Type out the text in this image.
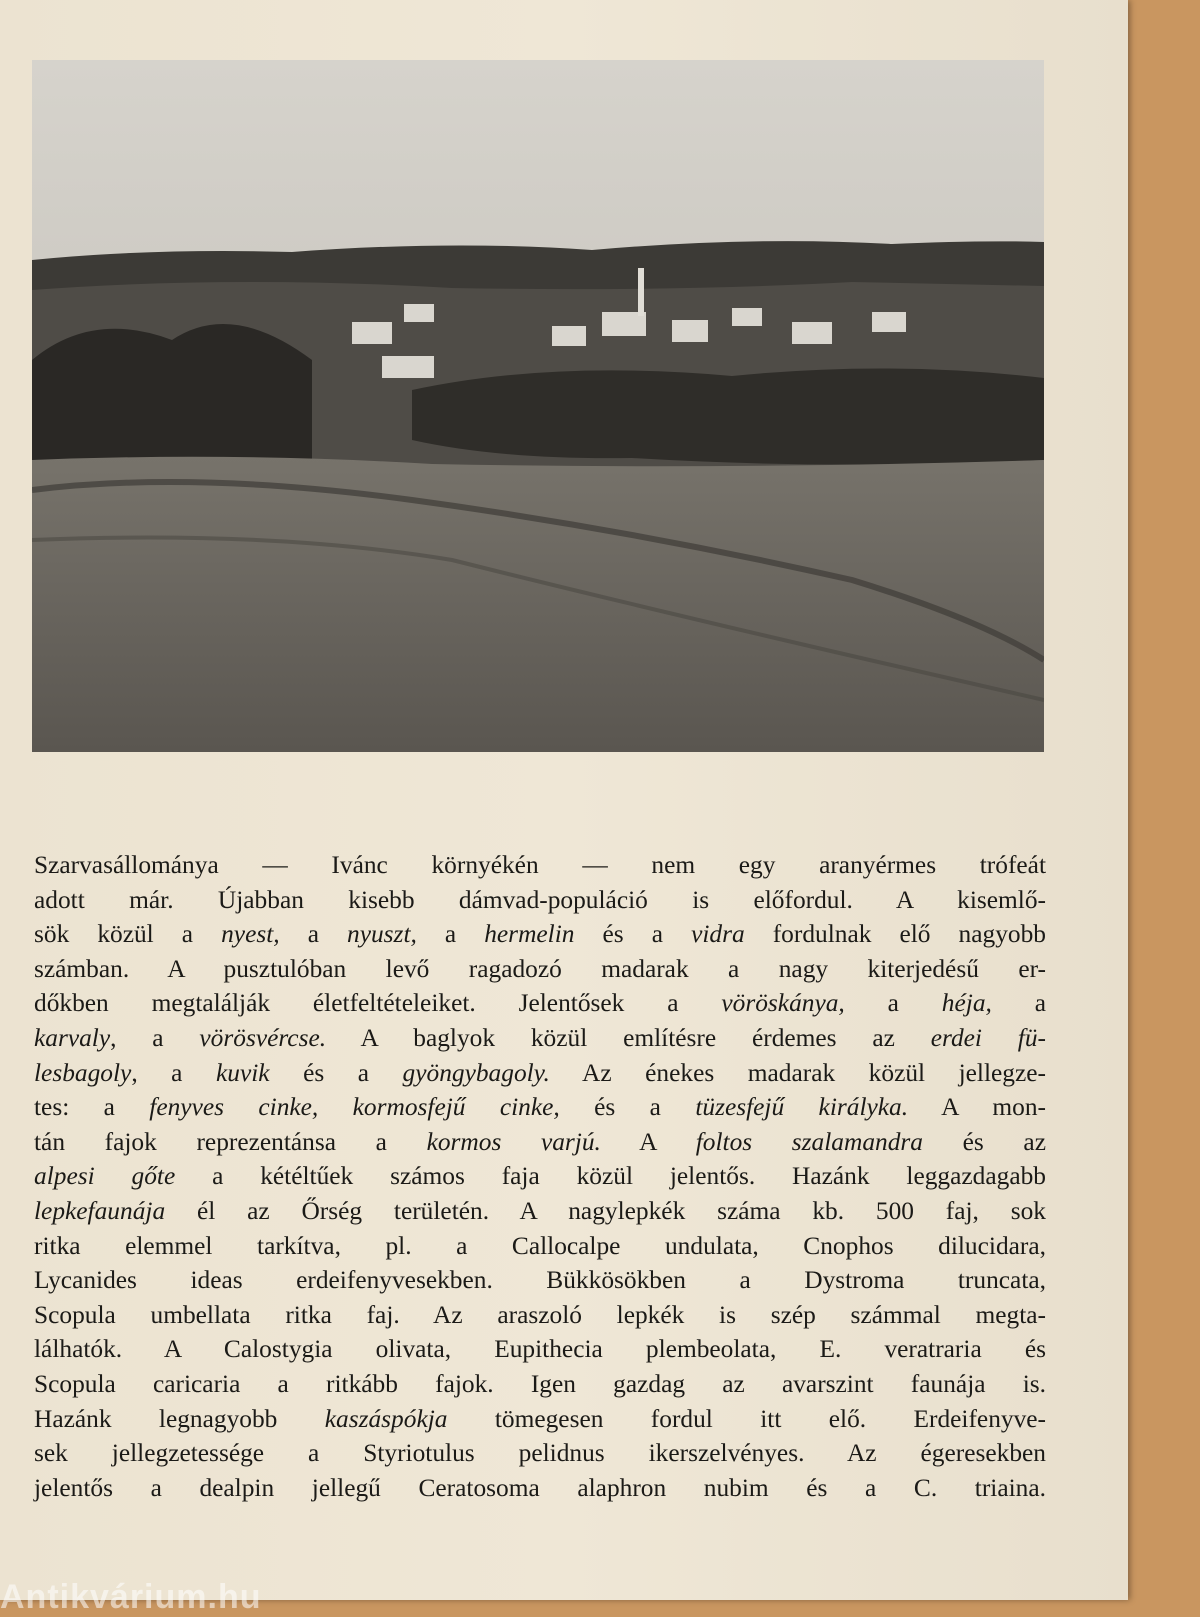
Szarvasállománya — Ivánc környékén — nem egy aranyérmes trófeát
adott már. Újabban kisebb dámvad-populáció is előfordul. A kisemlő-
sök közül a nyest, a nyuszt, a hermelin és a vidra fordulnak elő nagyobb
számban. A pusztulóban levő ragadozó madarak a nagy kiterjedésű er-
dőkben megtalálják életfeltételeiket. Jelentősek a vöröskánya, a héja, a
karvaly, a vörösvércse. A baglyok közül említésre érdemes az erdei fü-
lesbagoly, a kuvik és a gyöngybagoly. Az énekes madarak közül jellegze-
tes: a fenyves cinke, kormosfejű cinke, és a tüzesfejű királyka. A mon-
tán fajok reprezentánsa a kormos varjú. A foltos szalamandra és az
alpesi gőte a kétéltűek számos faja közül jelentős. Hazánk leggazdagabb
lepkefaunája él az Őrség területén. A nagylepkék száma kb. 500 faj, sok
ritka elemmel tarkítva, pl. a Callocalpe undulata, Cnophos dilucidara,
Lycanides ideas erdeifenyvesekben. Bükkösökben a Dystroma truncata,
Scopula umbellata ritka faj. Az araszoló lepkék is szép számmal megta-
lálhatók. A Calostygia olivata, Eupithecia plembeolata, E. veratraria és
Scopula caricaria a ritkább fajok. Igen gazdag az avarszint faunája is.
Hazánk legnagyobb kaszáspókja tömegesen fordul itt elő. Erdeifenyve-
sek jellegzetessége a Styriotulus pelidnus ikerszelvényes. Az égeresekben
jelentős a dealpin jellegű Ceratosoma alaphron nubim és a C. triaina.
Antikvárium.hu
